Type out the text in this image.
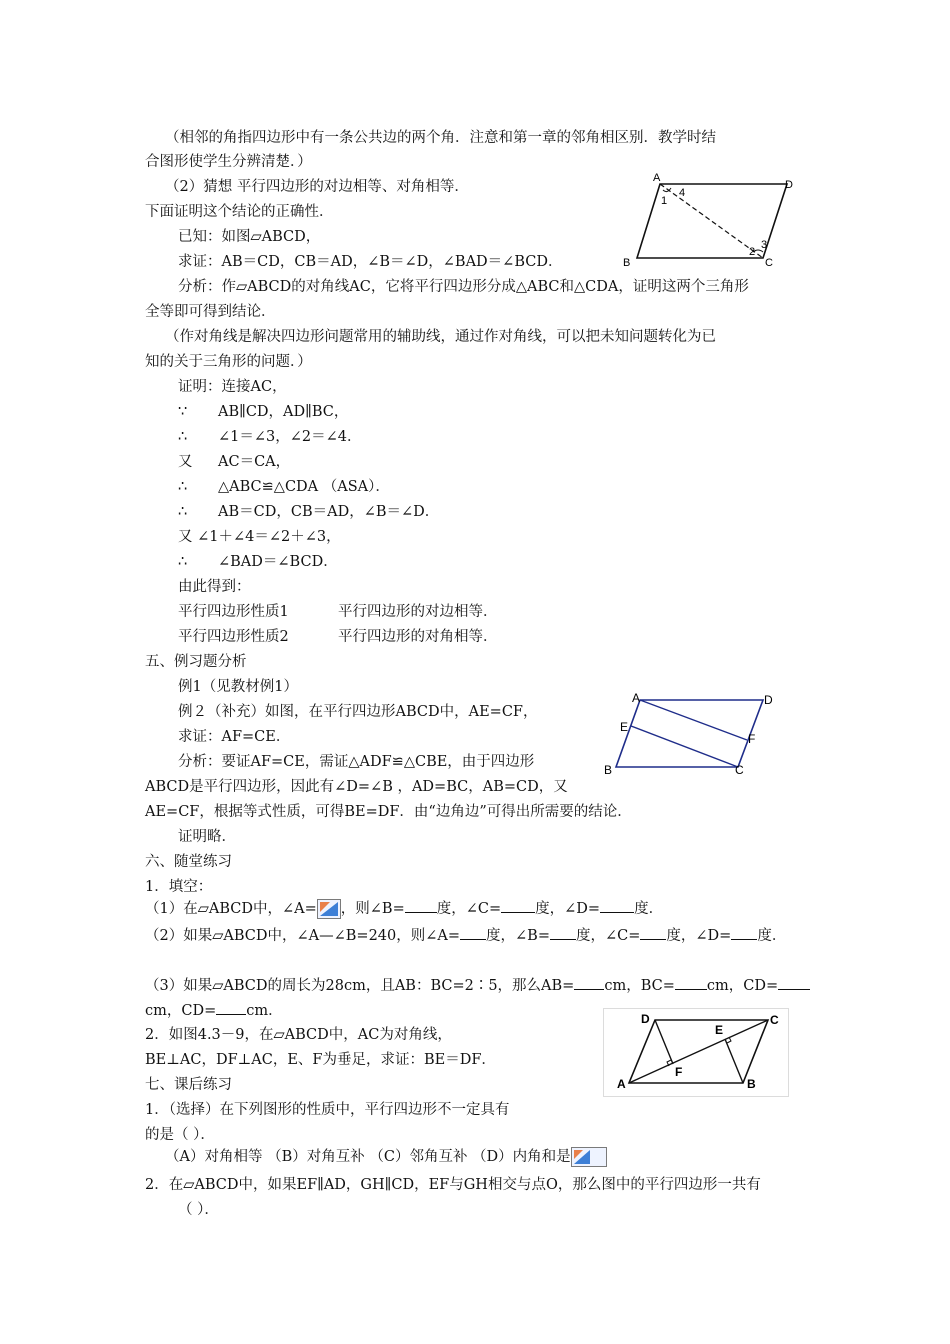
（相邻的角指四边形中有一条公共边的两个角．注意和第一章的邻角相区别．教学时结
合图形使学生分辨清楚．）
（2）猜想 平行四边形的对边相等、对角相等．
下面证明这个结论的正确性．
已知：如图▱ABCD，
求证：AB＝CD，CB＝AD，∠B＝∠D，∠BAD＝∠BCD．
分析：作▱ABCD的对角线AC，它将平行四边形分成△ABC和△CDA，证明这两个三角形
全等即可得到结论．
（作对角线是解决四边形问题常用的辅助线，通过作对角线，可以把未知问题转化为已
知的关于三角形的问题．）
证明：连接AC，
∵ AB∥CD，AD∥BC，
∴ ∠1＝∠3，∠2＝∠4．
又 AC＝CA，
∴ △ABC≌△CDA （ASA）．
∴ AB＝CD，CB＝AD，∠B＝∠D．
又 ∠1＋∠4＝∠2＋∠3，
∴ ∠BAD＝∠BCD．
由此得到：
平行四边形性质1	平行四边形的对边相等．
平行四边形性质2	平行四边形的对角相等．
五、例习题分析
例1（见教材例1）
例２（补充）如图，在平行四边形ABCD中，AE=CF，
求证：AF=CE．
分析：要证AF=CE，需证△ADF≌△CBE，由于四边形
ABCD是平行四边形，因此有∠D=∠B ，AD=BC，AB=CD，又
AE=CF，根据等式性质，可得BE=DF．由“边角边”可得出所需要的结论．
证明略．
六、随堂练习
1．填空：
（1）在▱ABCD中，∠A= ，则∠B= 度，∠C= 度，∠D= 度．
（2）如果▱ABCD中，∠A—∠B=240，则∠A= 度，∠B= 度，∠C= 度，∠D= 度．
（3）如果▱ABCD的周长为28cm，且AB：BC=2∶5，那么AB= cm，BC= cm，CD=
cm，CD= cm．
2．如图4.3－9，在▱ABCD中，AC为对角线，
BE⊥AC，DF⊥AC，E、F为垂足，求证：BE＝DF．
七、课后练习
1．（选择）在下列图形的性质中，平行四边形不一定具有
的是（ ）．
（A）对角相等 （B）对角互补 （C）邻角互补 （D）内角和是
2．在▱ABCD中，如果EF∥AD，GH∥CD，EF与GH相交与点O，那么图中的平行四边形一共有
（ ）．
A
D
B	C
1
4
2
3
A	D
E
F
B	C
D	C
E
F
A	B
